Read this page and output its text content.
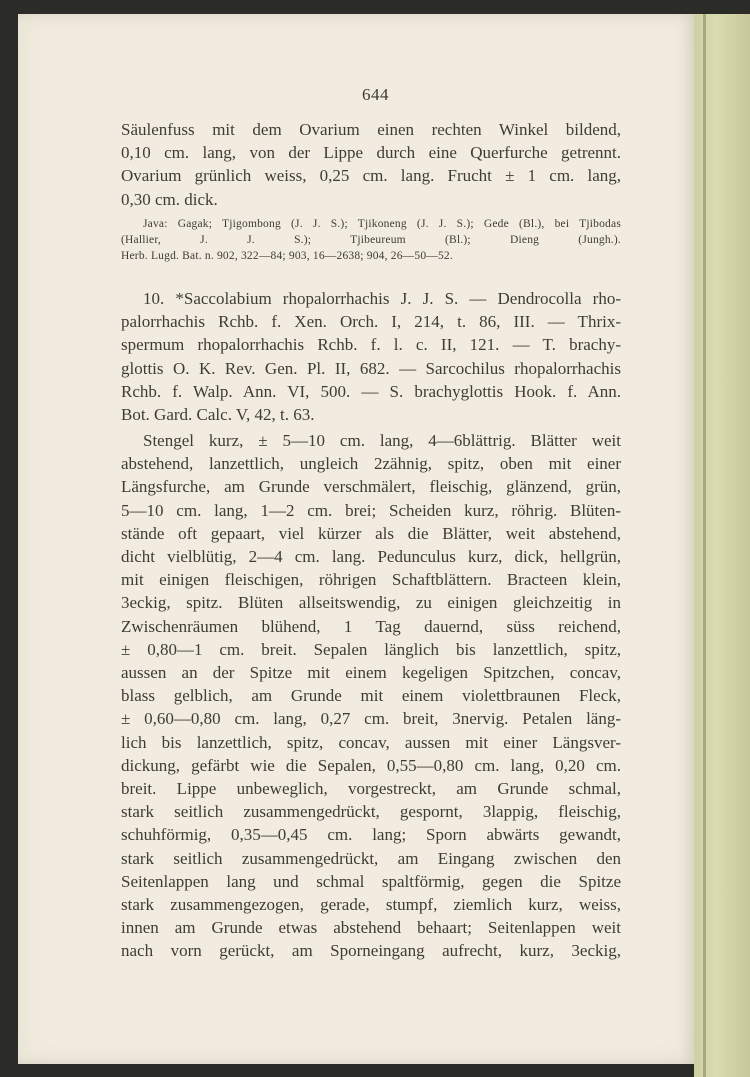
644
Säulenfuss mit dem Ovarium einen rechten Winkel bildend,
0,10 cm. lang, von der Lippe durch eine Querfurche getrennt.
Ovarium grünlich weiss, 0,25 cm. lang. Frucht ± 1 cm. lang,
0,30 cm. dick.
Java: Gagak; Tjigombong (J. J. S.); Tjikoneng (J. J. S.); Gede (Bl.), bei Tjibodas
(Hallier, J. J. S.); Tjibeureum (Bl.); Dieng (Jungh.).
Herb. Lugd. Bat. n. 902, 322—84; 903, 16—2638; 904, 26—50—52.
10. *Saccolabium rhopalorrhachis J. J. S. — Dendrocolla rho-
palorrhachis Rchb. f. Xen. Orch. I, 214, t. 86, III. — Thrix-
spermum rhopalorrhachis Rchb. f. l. c. II, 121. — T. brachy-
glottis O. K. Rev. Gen. Pl. II, 682. — Sarcochilus rhopalorrhachis
Rchb. f. Walp. Ann. VI, 500. — S. brachyglottis Hook. f. Ann.
Bot. Gard. Calc. V, 42, t. 63.
Stengel kurz, ± 5—10 cm. lang, 4—6blättrig. Blätter weit
abstehend, lanzettlich, ungleich 2zähnig, spitz, oben mit einer
Längsfurche, am Grunde verschmälert, fleischig, glänzend, grün,
5—10 cm. lang, 1—2 cm. brei; Scheiden kurz, röhrig. Blüten-
stände oft gepaart, viel kürzer als die Blätter, weit abstehend,
dicht vielblütig, 2—4 cm. lang. Pedunculus kurz, dick, hellgrün,
mit einigen fleischigen, röhrigen Schaftblättern. Bracteen klein,
3eckig, spitz. Blüten allseitswendig, zu einigen gleichzeitig in
Zwischenräumen blühend, 1 Tag dauernd, süss reichend,
± 0,80—1 cm. breit. Sepalen länglich bis lanzettlich, spitz,
aussen an der Spitze mit einem kegeligen Spitzchen, concav,
blass gelblich, am Grunde mit einem violettbraunen Fleck,
± 0,60—0,80 cm. lang, 0,27 cm. breit, 3nervig. Petalen läng-
lich bis lanzettlich, spitz, concav, aussen mit einer Längsver-
dickung, gefärbt wie die Sepalen, 0,55—0,80 cm. lang, 0,20 cm.
breit. Lippe unbeweglich, vorgestreckt, am Grunde schmal,
stark seitlich zusammengedrückt, gespornt, 3lappig, fleischig,
schuhförmig, 0,35—0,45 cm. lang; Sporn abwärts gewandt,
stark seitlich zusammengedrückt, am Eingang zwischen den
Seitenlappen lang und schmal spaltförmig, gegen die Spitze
stark zusammengezogen, gerade, stumpf, ziemlich kurz, weiss,
innen am Grunde etwas abstehend behaart; Seitenlappen weit
nach vorn gerückt, am Sporneingang aufrecht, kurz, 3eckig,
